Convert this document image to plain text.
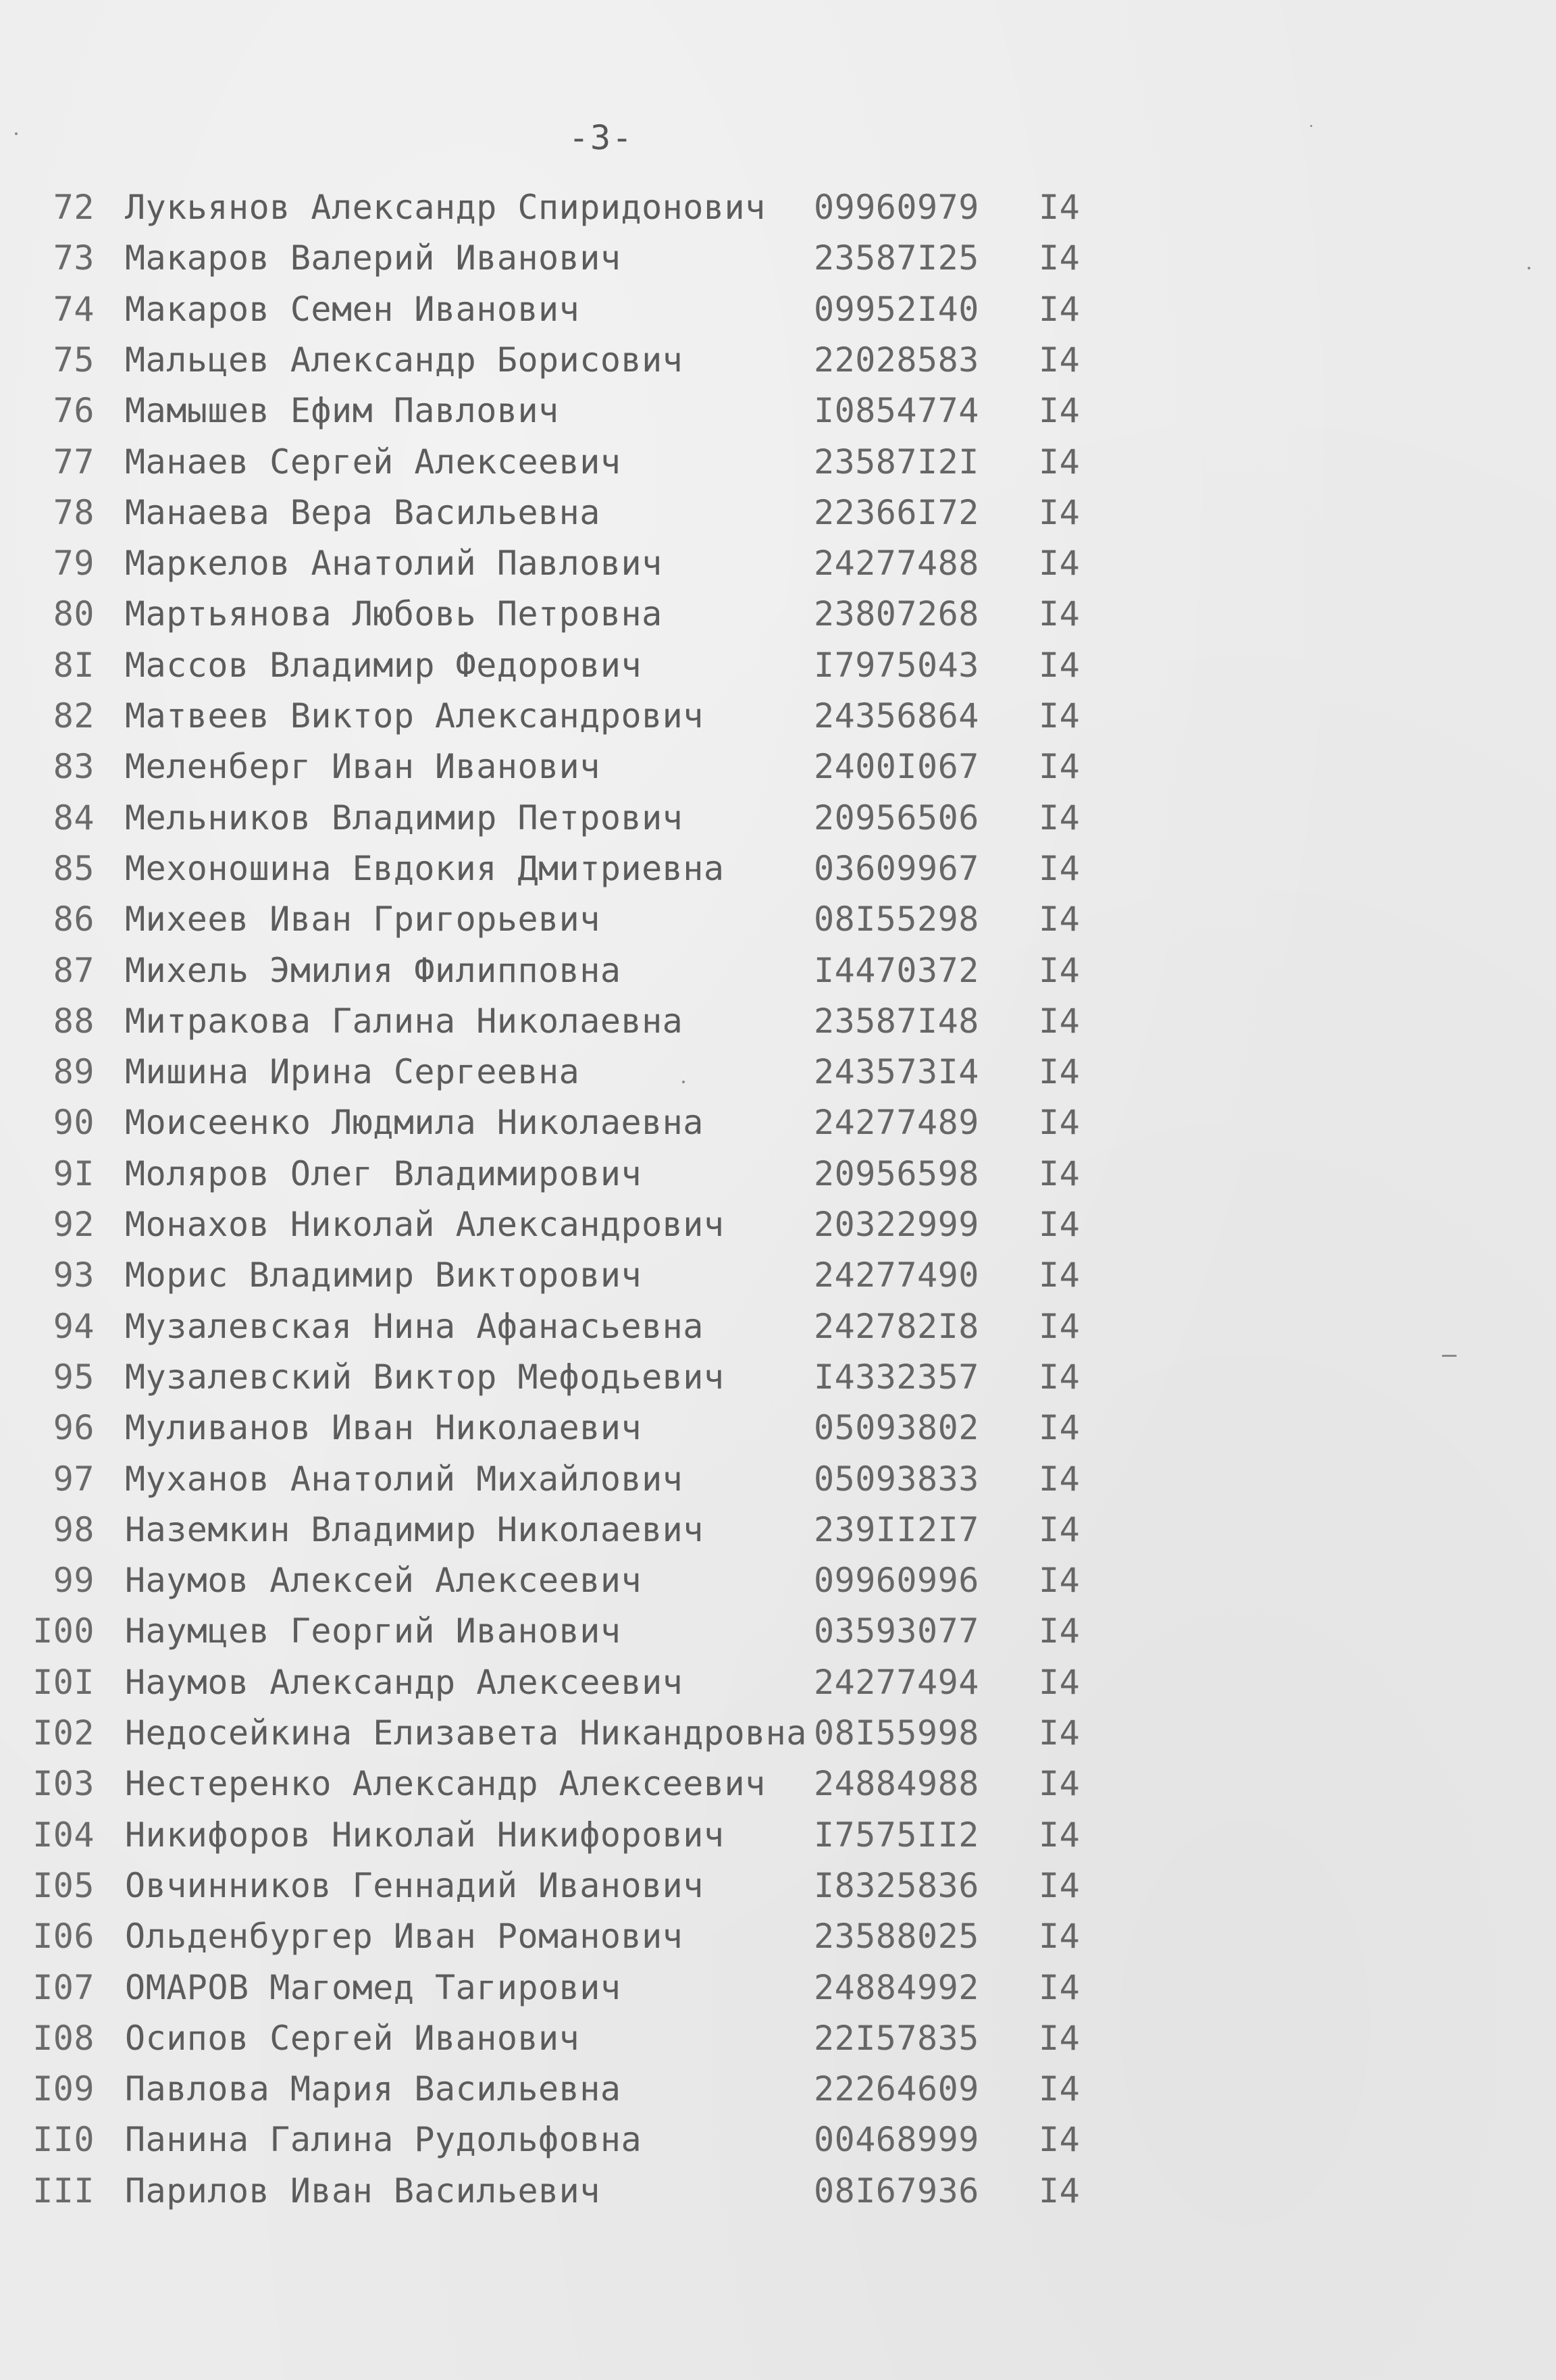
-3-
72 Лукьянов Александр Спиридонович 09960979 I4
73 Макаров Валерий Иванович	23587I25 I4
74 Макаров Семен Иванович	09952I40 I4
75 Мальцев Александр Борисович	22028583 I4
76 Мамышев Ефим Павлович	I0854774 I4
77 Манаев Сергей Алексеевич	23587I2I I4
78 Манаева Вера Васильевна	22366I72 I4
79 Маркелов Анатолий Павлович	24277488 I4
80 Мартьянова Любовь Петровна	23807268 I4
8I Массов Владимир Федорович	I7975043 I4
82 Матвеев Виктор Александрович	24356864 I4
83 Меленберг Иван Иванович	2400I067 I4
84 Мельников Владимир Петрович	20956506 I4
85 Мехоношина Евдокия Дмитриевна	03609967 I4
86 Михеев Иван Григорьевич	08I55298 I4
87 Михель Эмилия Филипповна	I4470372 I4
88 Митракова Галина Николаевна	23587I48 I4
89 Мишина Ирина Сергеевна	243573I4 I4
90 Моисеенко Людмила Николаевна	24277489 I4
9I Моляров Олег Владимирович	20956598 I4
92 Монахов Николай Александрович	20322999 I4
93 Морис Владимир Викторович	24277490 I4
94 Музалевская Нина Афанасьевна	242782I8 I4
95 Музалевский Виктор Мефодьевич	I4332357 I4
96 Муливанов Иван Николаевич	05093802 I4
97 Муханов Анатолий Михайлович	05093833 I4
98 Наземкин Владимир Николаевич	239II2I7 I4
99 Наумов Алексей Алексеевич	09960996 I4
I00 Наумцев Георгий Иванович	03593077 I4
I0I Наумов Александр Алексеевич	24277494 I4
I02 Недосейкина Елизавета Никандровна 08I55998 I4
I03 Нестеренко Александр Алексеевич 24884988 I4
I04 Никифоров Николай Никифорович	I7575II2 I4
I05 Овчинников Геннадий Иванович	I8325836 I4
I06 Ольденбургер Иван Романович	23588025 I4
I07 ОМАРОВ Магомед Тагирович	24884992 I4
I08 Осипов Сергей Иванович	22I57835 I4
I09 Павлова Мария Васильевна	22264609 I4
II0 Панина Галина Рудольфовна	00468999 I4
III Парилов Иван Васильевич	08I67936 I4
